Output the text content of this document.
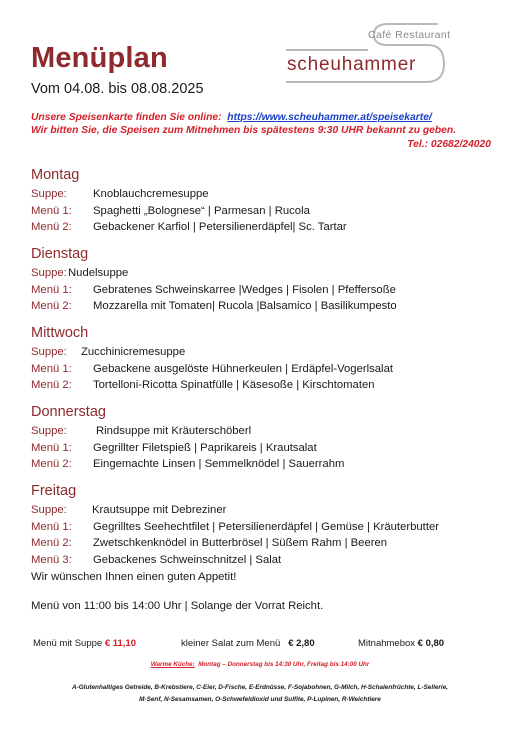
Menüplan
Vom 04.08. bis 08.08.2025
Café Restaurant
scheuhammer
Unsere Speisenkarte finden Sie online: https://www.scheuhammer.at/speisekarte/
Wir bitten Sie, die Speisen zum Mitnehmen bis spätestens 9:30 UHR bekannt zu geben.
Tel.: 02682/24020
Montag
Suppe: Knoblauchcremesuppe
Menü 1: Spaghetti „Bolognese“ | Parmesan | Rucola
Menü 2: Gebackener Karfiol | Petersilienerdäpfel| Sc. Tartar
Dienstag
Suppe: Nudelsuppe
Menü 1: Gebratenes Schweinskarree |Wedges | Fisolen | Pfeffersoße
Menü 2: Mozzarella mit Tomaten| Rucola |Balsamico | Basilikumpesto
Mittwoch
Suppe: Zucchinicremesuppe
Menü 1: Gebackene ausgelöste Hühnerkeulen | Erdäpfel-Vogerlsalat
Menü 2: Tortelloni-Ricotta Spinatfülle | Käsesoße | Kirschtomaten
Donnerstag
Suppe:	Rindsuppe mit Kräuterschöberl
Menü 1: Gegrillter Filetspieß | Paprikareis | Krautsalat
Menü 2: Eingemachte Linsen | Semmelknödel | Sauerrahm
Freitag
Suppe: Krautsuppe mit Debreziner
Menü 1: Gegrilltes Seehechtfilet | Petersilienerdäpfel | Gemüse | Kräuterbutter
Menü 2: Zwetschkenknödel in Butterbrösel | Süßem Rahm | Beeren
Menü 3: Gebackenes Schweinschnitzel | Salat
Wir wünschen Ihnen einen guten Appetit!
Menü von 11:00 bis 14:00 Uhr | Solange der Vorrat Reicht.
Menü mit Suppe € 11,10	kleiner Salat zum Menü € 2,80	Mitnahmebox € 0,80
Warme Küche: Montag – Donnerstag bis 14:30 Uhr, Freitag bis 14:00 Uhr
A-Glutenhaltiges Getreide, B-Krebstiere, C-Eier, D-Fische, E-Erdnüsse, F-Sojabohnen, G-Milch, H-Schalenfrüchte, L-Sellerie,
M-Senf, N-Sesamsamen, O-Schwefeldioxid und Sulfite, P-Lupinen, R-Weichtiere
